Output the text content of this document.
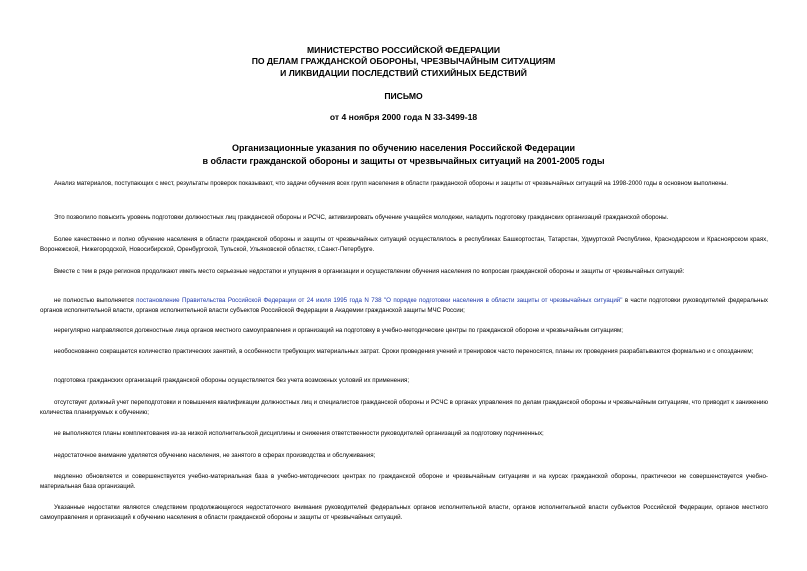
МИНИСТЕРСТВО РОССИЙСКОЙ ФЕДЕРАЦИИ
ПО ДЕЛАМ ГРАЖДАНСКОЙ ОБОРОНЫ, ЧРЕЗВЫЧАЙНЫМ СИТУАЦИЯМ
И ЛИКВИДАЦИИ ПОСЛЕДСТВИЙ СТИХИЙНЫХ БЕДСТВИЙ
ПИСЬМО
от 4 ноября 2000 года N 33-3499-18
Организационные указания по обучению населения Российской Федерации
в области гражданской обороны и защиты от чрезвычайных ситуаций на 2001-2005 годы

Анализ материалов, поступающих с мест, результаты проверок показывают, что задачи обучения всех групп населения в области гражданской обороны и защиты от чрезвычайных ситуаций на 1998-2000 годы в основном выполнены.

Это позволило повысить уровень подготовки должностных лиц гражданской обороны и РСЧС, активизировать обучение учащейся молодежи, наладить подготовку гражданских организаций гражданской обороны.

Более качественно и полно обучение населения в области гражданской обороны и защиты от чрезвычайных ситуаций осуществлялось в республиках Башкортостан, Татарстан, Удмуртской Республике, Краснодарском и Красноярском краях, Воронежской, Нижегородской, Новосибирской, Оренбургской, Тульской, Ульяновской областях, г.Санкт-Петербурге.

Вместе с тем в ряде регионов продолжают иметь место серьезные недостатки и упущения в организации и осуществлении обучения населения по вопросам гражданской обороны и защиты от чрезвычайных ситуаций:

не полностью выполняется постановление Правительства Российской Федерации от 24 июля 1995 года N 738 "О порядке подготовки населения в области защиты от чрезвычайных ситуаций" в части подготовки руководителей федеральных органов исполнительной власти, органов исполнительной власти субъектов Российской Федерации в Академии гражданской защиты МЧС России;

нерегулярно направляются должностные лица органов местного самоуправления и организаций на подготовку в учебно-методические центры по гражданской обороне и чрезвычайным ситуациям;

необоснованно сокращается количество практических занятий, в особенности требующих материальных затрат. Сроки проведения учений и тренировок часто переносятся, планы их проведения разрабатываются формально и с опозданием;

подготовка гражданских организаций гражданской обороны осуществляется без учета возможных условий их применения;

отсутствует должный учет переподготовки и повышения квалификации должностных лиц и специалистов гражданской обороны и РСЧС в органах управления по делам гражданской обороны и чрезвычайным ситуациям, что приводит к занижению количества планируемых к обучению;

не выполняются планы комплектования из-за низкой исполнительской дисциплины и снижения ответственности руководителей организаций за подготовку подчиненных;

недостаточное внимание уделяется обучению населения, не занятого в сферах производства и обслуживания;

медленно обновляется и совершенствуется учебно-материальная база в учебно-методических центрах по гражданской обороне и чрезвычайным ситуациям и на курсах гражданской обороны, практически не совершенствуется учебно-материальная база организаций.

Указанные недостатки являются следствием продолжающегося недостаточного внимания руководителей федеральных органов исполнительной власти, органов исполнительной власти субъектов Российской Федерации, органов местного самоуправления и организаций к обучению населения в области гражданской обороны и защиты от чрезвычайных ситуаций.
